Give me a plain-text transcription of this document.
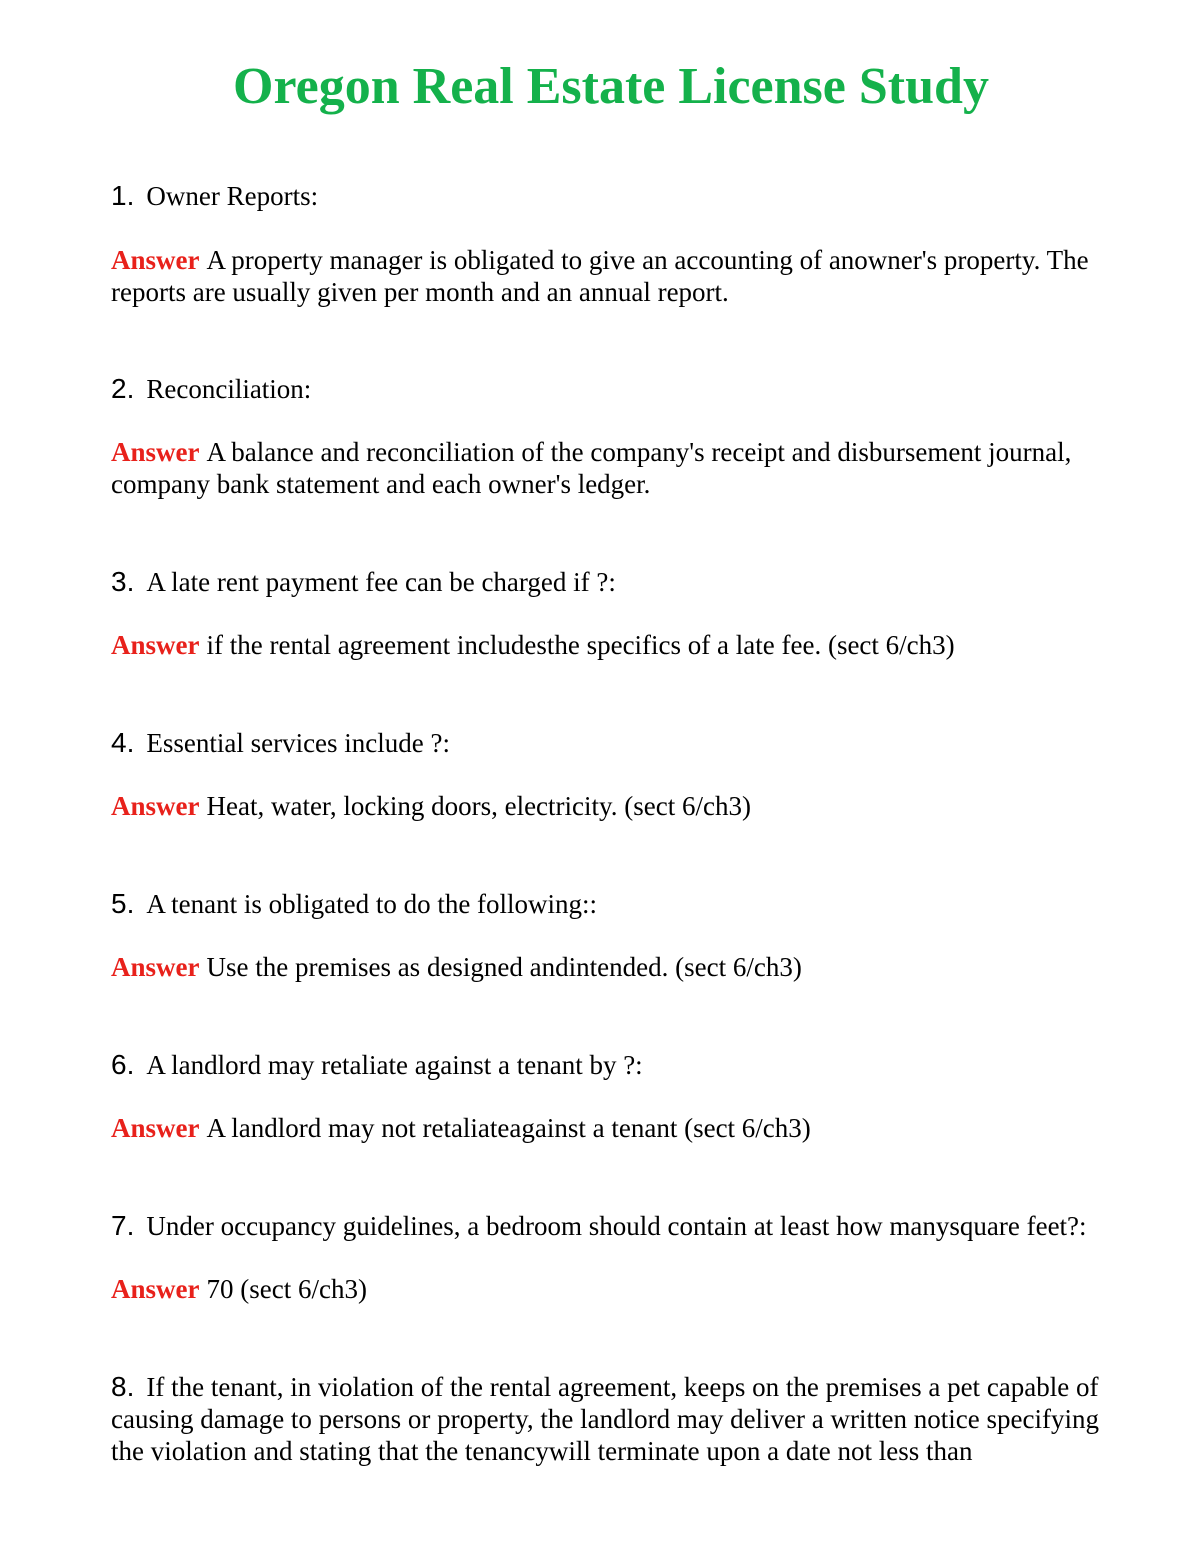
Oregon Real Estate License Study

1. Owner Reports:

Answer A property manager is obligated to give an accounting of anowner's property. The reports are usually given per month and an annual report.

2. Reconciliation:

Answer A balance and reconciliation of the company's receipt and disbursement journal, company bank statement and each owner's ledger.

3. A late rent payment fee can be charged if ?:

Answer if the rental agreement includesthe specifics of a late fee. (sect 6/ch3)

4. Essential services include ?:

Answer Heat, water, locking doors, electricity. (sect 6/ch3)

5. A tenant is obligated to do the following::

Answer Use the premises as designed andintended. (sect 6/ch3)

6. A landlord may retaliate against a tenant by ?:

Answer A landlord may not retaliateagainst a tenant (sect 6/ch3)

7. Under occupancy guidelines, a bedroom should contain at least how manysquare feet?:

Answer 70 (sect 6/ch3)

8. If the tenant, in violation of the rental agreement, keeps on the premises a pet capable of causing damage to persons or property, the landlord may deliver a written notice specifying the violation and stating that the tenancywill terminate upon a date not less than
